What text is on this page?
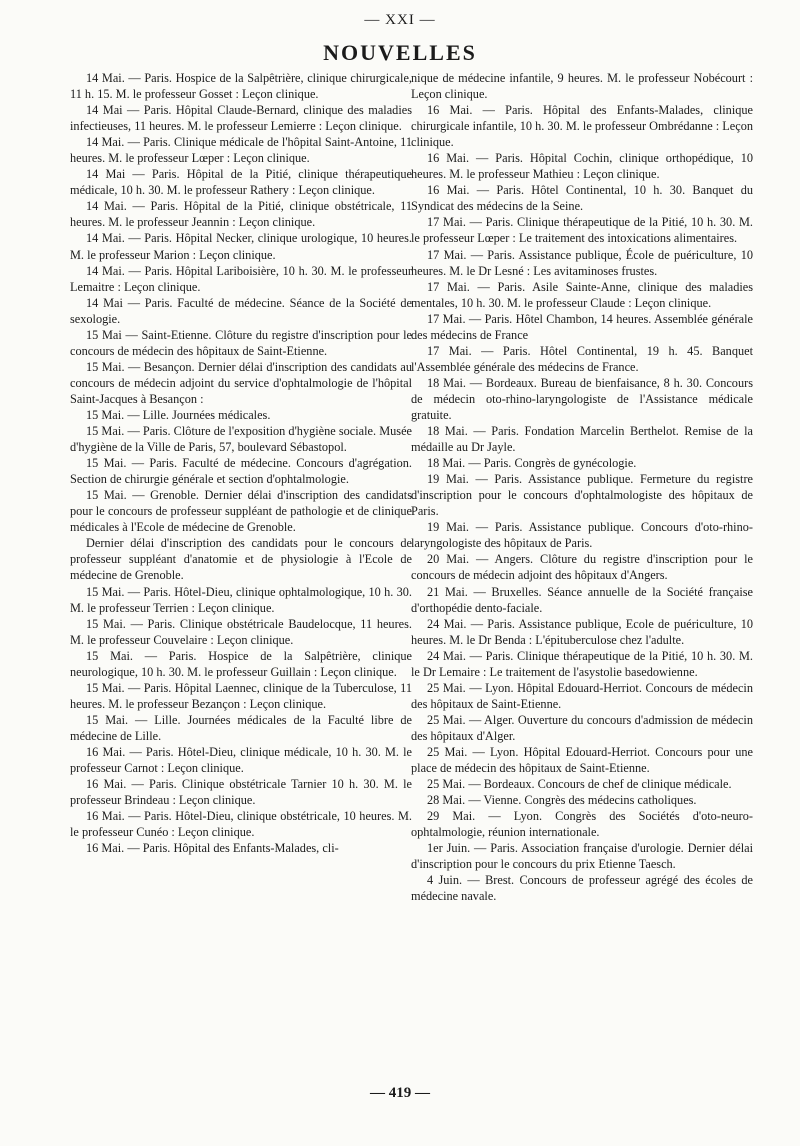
— XXI —
NOUVELLES

14 Mai. — Paris. Hospice de la Salpêtrière, clinique chirurgicale, 11 h. 15. M. le professeur Gosset : Leçon clinique.

14 Mai — Paris. Hôpital Claude-Bernard, clinique des maladies infectieuses, 11 heures. M. le professeur Lemierre : Leçon clinique.

14 Mai. — Paris. Clinique médicale de l'hôpital Saint-Antoine, 11 heures. M. le professeur Lœper : Leçon clinique.

14 Mai — Paris. Hôpital de la Pitié, clinique thérapeutique médicale, 10 h. 30. M. le professeur Rathery : Leçon clinique.

14 Mai. — Paris. Hôpital de la Pitié, clinique obstétricale, 11 heures. M. le professeur Jeannin : Leçon clinique.

14 Mai. — Paris. Hôpital Necker, clinique urologique, 10 heures. M. le professeur Marion : Leçon clinique.

14 Mai. — Paris. Hôpital Lariboisière, 10 h. 30. M. le professeur Lemaitre : Leçon clinique.

14 Mai — Paris. Faculté de médecine. Séance de la Société de sexologie.

15 Mai — Saint-Etienne. Clôture du registre d'inscription pour le concours de médecin des hôpitaux de Saint-Etienne.

15 Mai. — Besançon. Dernier délai d'inscription des candidats au concours de médecin adjoint du service d'ophtalmologie de l'hôpital Saint-Jacques à Besançon :

15 Mai. — Lille. Journées médicales.

15 Mai. — Paris. Clôture de l'exposition d'hygiène sociale. Musée d'hygiène de la Ville de Paris, 57, boulevard Sébastopol.

15 Mai. — Paris. Faculté de médecine. Concours d'agrégation. Section de chirurgie générale et section d'ophtalmologie.

15 Mai. — Grenoble. Dernier délai d'inscription des candidats pour le concours de professeur suppléant de pathologie et de clinique médicales à l'Ecole de médecine de Grenoble.

Dernier délai d'inscription des candidats pour le concours de professeur suppléant d'anatomie et de physiologie à l'Ecole de médecine de Grenoble.

15 Mai. — Paris. Hôtel-Dieu, clinique ophtalmologique, 10 h. 30. M. le professeur Terrien : Leçon clinique.

15 Mai. — Paris. Clinique obstétricale Baudelocque, 11 heures. M. le professeur Couvelaire : Leçon clinique.

15 Mai. — Paris. Hospice de la Salpêtrière, clinique neurologique, 10 h. 30. M. le professeur Guillain : Leçon clinique.

15 Mai. — Paris. Hôpital Laennec, clinique de la Tuberculose, 11 heures. M. le professeur Bezançon : Leçon clinique.

15 Mai. — Lille. Journées médicales de la Faculté libre de médecine de Lille.

16 Mai. — Paris. Hôtel-Dieu, clinique médicale, 10 h. 30. M. le professeur Carnot : Leçon clinique.

16 Mai. — Paris. Clinique obstétricale Tarnier 10 h. 30. M. le professeur Brindeau : Leçon clinique.

16 Mai. — Paris. Hôtel-Dieu, clinique obstétricale, 10 heures. M. le professeur Cunéo : Leçon clinique.

16 Mai. — Paris. Hôpital des Enfants-Malades, cli-

nique de médecine infantile, 9 heures. M. le professeur Nobécourt : Leçon clinique.

16 Mai. — Paris. Hôpital des Enfants-Malades, clinique chirurgicale infantile, 10 h. 30. M. le professeur Ombrédanne : Leçon clinique.

16 Mai. — Paris. Hôpital Cochin, clinique orthopédique, 10 heures. M. le professeur Mathieu : Leçon clinique.

16 Mai. — Paris. Hôtel Continental, 10 h. 30. Banquet du Syndicat des médecins de la Seine.

17 Mai. — Paris. Clinique thérapeutique de la Pitié, 10 h. 30. M. le professeur Lœper : Le traitement des intoxications alimentaires.

17 Mai. — Paris. Assistance publique, École de puériculture, 10 heures. M. le Dr Lesné : Les avitaminoses frustes.

17 Mai. — Paris. Asile Sainte-Anne, clinique des maladies mentales, 10 h. 30. M. le professeur Claude : Leçon clinique.

17 Mai. — Paris. Hôtel Chambon, 14 heures. Assemblée générale des médecins de France

17 Mai. — Paris. Hôtel Continental, 19 h. 45. Banquet l'Assemblée générale des médecins de France.

18 Mai. — Bordeaux. Bureau de bienfaisance, 8 h. 30. Concours de médecin oto-rhino-laryngologiste de l'Assistance médicale gratuite.

18 Mai. — Paris. Fondation Marcelin Berthelot. Remise de la médaille au Dr Jayle.

18 Mai. — Paris. Congrès de gynécologie.

19 Mai. — Paris. Assistance publique. Fermeture du registre d'inscription pour le concours d'ophtalmologiste des hôpitaux de Paris.

19 Mai. — Paris. Assistance publique. Concours d'oto-rhino-laryngologiste des hôpitaux de Paris.

20 Mai. — Angers. Clôture du registre d'inscription pour le concours de médecin adjoint des hôpitaux d'Angers.

21 Mai. — Bruxelles. Séance annuelle de la Société française d'orthopédie dento-faciale.

24 Mai. — Paris. Assistance publique, Ecole de puériculture, 10 heures. M. le Dr Benda : L'épituberculose chez l'adulte.

24 Mai. — Paris. Clinique thérapeutique de la Pitié, 10 h. 30. M. le Dr Lemaire : Le traitement de l'asystolie basedowienne.

25 Mai. — Lyon. Hôpital Edouard-Herriot. Concours de médecin des hôpitaux de Saint-Etienne.

25 Mai. — Alger. Ouverture du concours d'admission de médecin des hôpitaux d'Alger.

25 Mai. — Lyon. Hôpital Edouard-Herriot. Concours pour une place de médecin des hôpitaux de Saint-Etienne.

25 Mai. — Bordeaux. Concours de chef de clinique médicale.

28 Mai. — Vienne. Congrès des médecins catholiques.

29 Mai. — Lyon. Congrès des Sociétés d'oto-neuro-ophtalmologie, réunion internationale.

1er Juin. — Paris. Association française d'urologie. Dernier délai d'inscription pour le concours du prix Etienne Taesch.

4 Juin. — Brest. Concours de professeur agrégé des écoles de médecine navale.

— 419 —
